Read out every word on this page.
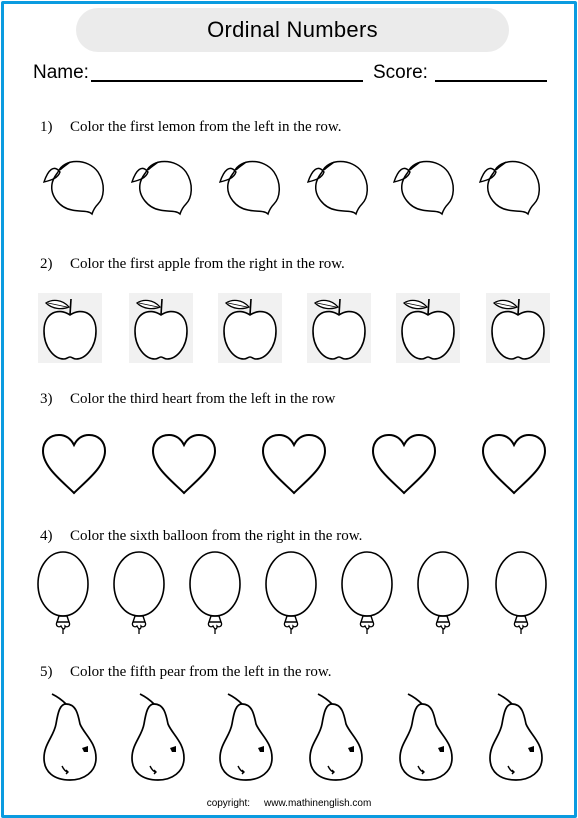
Ordinal Numbers
Name:	Score:
1) Color the first lemon from the left in the row.
2) Color the first apple from the right in the row.
3) Color the third heart from the left in the row
4) Color the sixth balloon from the right in the row.
5) Color the fifth pear from the left in the row.
copyright: www.mathinenglish.com
